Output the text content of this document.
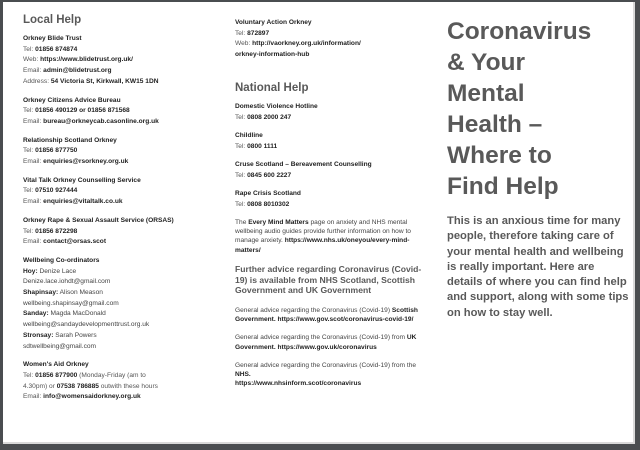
Local Help
Orkney Blide Trust
Tel: 01856 874874
Web: https://www.blidetrust.org.uk/
Email: admin@blidetrust.org
Address: 54 Victoria St, Kirkwall, KW15 1DN
Orkney Citizens Advice Bureau
Tel: 01856 490129 or 01856 871568
Email: bureau@orkneycab.casonline.org.uk
Relationship Scotland Orkney
Tel: 01856 877750
Email: enquiries@rsorkney.org.uk
Vital Talk Orkney Counselling Service
Tel: 07510 927444
Email: enquiries@vitaltalk.co.uk
Orkney Rape & Sexual Assault Service (ORSAS)
Tel: 01856 872298
Email: contact@orsas.scot
Wellbeing Co-ordinators
Hoy: Denize Lace
Denize.lace.iohdt@gmail.com
Shapinsay: Alison Meason
wellbeing.shapinsay@gmail.com
Sanday: Magda MacDonald
wellbeing@sandaydevelopmenttrust.org.uk
Stronsay: Sarah Powers
sdtwellbeing@gmail.com
Women's Aid Orkney
Tel: 01856 877900 (Monday-Friday (am to
4.30pm) or 07538 786885 outwith these hours
Email: info@womensaidorkney.org.uk
Voluntary Action Orkney
Tel: 872897
Web: http://vaorkney.org.uk/information/
orkney-information-hub
National Help
Domestic Violence Hotline
Tel: 0808 2000 247
Childline
Tel: 0800 1111
Cruse Scotland – Bereavement Counselling
Tel: 0845 600 2227
Rape Crisis Scotland
Tel: 0808 8010302
The Every Mind Matters page on anxiety and NHS mental wellbeing audio guides provide further information on how to manage anxiety. https://www.nhs.uk/oneyou/every-mind-matters/
Further advice regarding Coronavirus (Covid-19) is available from NHS Scotland, Scottish Government and UK Government
General advice regarding the Coronavirus (Covid-19) Scottish Government. https://www.gov.scot/coronavirus-covid-19/
General advice regarding the Coronavirus (Covid-19) from UK Government. https://www.gov.uk/coronavirus
General advice regarding the Coronavirus (Covid-19) from the NHS.
https://www.nhsinform.scot/coronavirus
Coronavirus
& Your
Mental
Health –
Where to
Find Help
This is an anxious time for many people, therefore taking care of your mental health and wellbeing is really important. Here are details of where you can find help and support, along with some tips on how to stay well.
